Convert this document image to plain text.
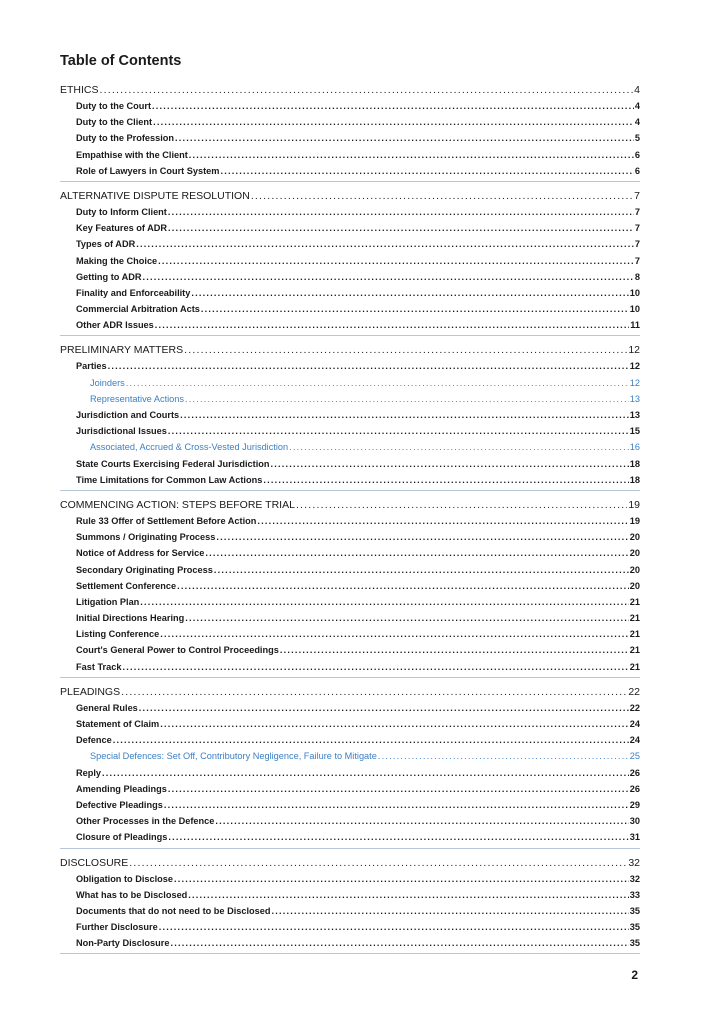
Table of Contents
ETHICS .....	4
Duty to the Court .....	4
Duty to the Client .....	4
Duty to the Profession .....	5
Empathise with the Client .....	6
Role of Lawyers in Court System .....	6
ALTERNATIVE DISPUTE RESOLUTION .....	7
Duty to Inform Client .....	7
Key Features of ADR .....	7
Types of ADR .....	7
Making the Choice .....	7
Getting to ADR .....	8
Finality and Enforceability .....	10
Commercial Arbitration Acts .....	10
Other ADR Issues .....	11
PRELIMINARY MATTERS .....	12
Parties .....	12
Joinders .....	12
Representative Actions .....	13
Jurisdiction and Courts .....	13
Jurisdictional Issues .....	15
Associated, Accrued & Cross-Vested Jurisdiction .....	16
State Courts Exercising Federal Jurisdiction .....	18
Time Limitations for Common Law Actions .....	18
COMMENCING ACTION: STEPS BEFORE TRIAL .....	19
Rule 33 Offer of Settlement Before Action .....	19
Summons / Originating Process .....	20
Notice of Address for Service .....	20
Secondary Originating Process .....	20
Settlement Conference .....	20
Litigation Plan .....	21
Initial Directions Hearing .....	21
Listing Conference .....	21
Court's General Power to Control Proceedings .....	21
Fast Track .....	21
PLEADINGS .....	22
General Rules .....	22
Statement of Claim .....	24
Defence .....	24
Special Defences: Set Off, Contributory Negligence, Failure to Mitigate .....	25
Reply .....	26
Amending Pleadings .....	26
Defective Pleadings .....	29
Other Processes in the Defence .....	30
Closure of Pleadings .....	31
DISCLOSURE .....	32
Obligation to Disclose .....	32
What has to be Disclosed .....	33
Documents that do not need to be Disclosed .....	35
Further Disclosure .....	35
Non-Party Disclosure .....	35
2
